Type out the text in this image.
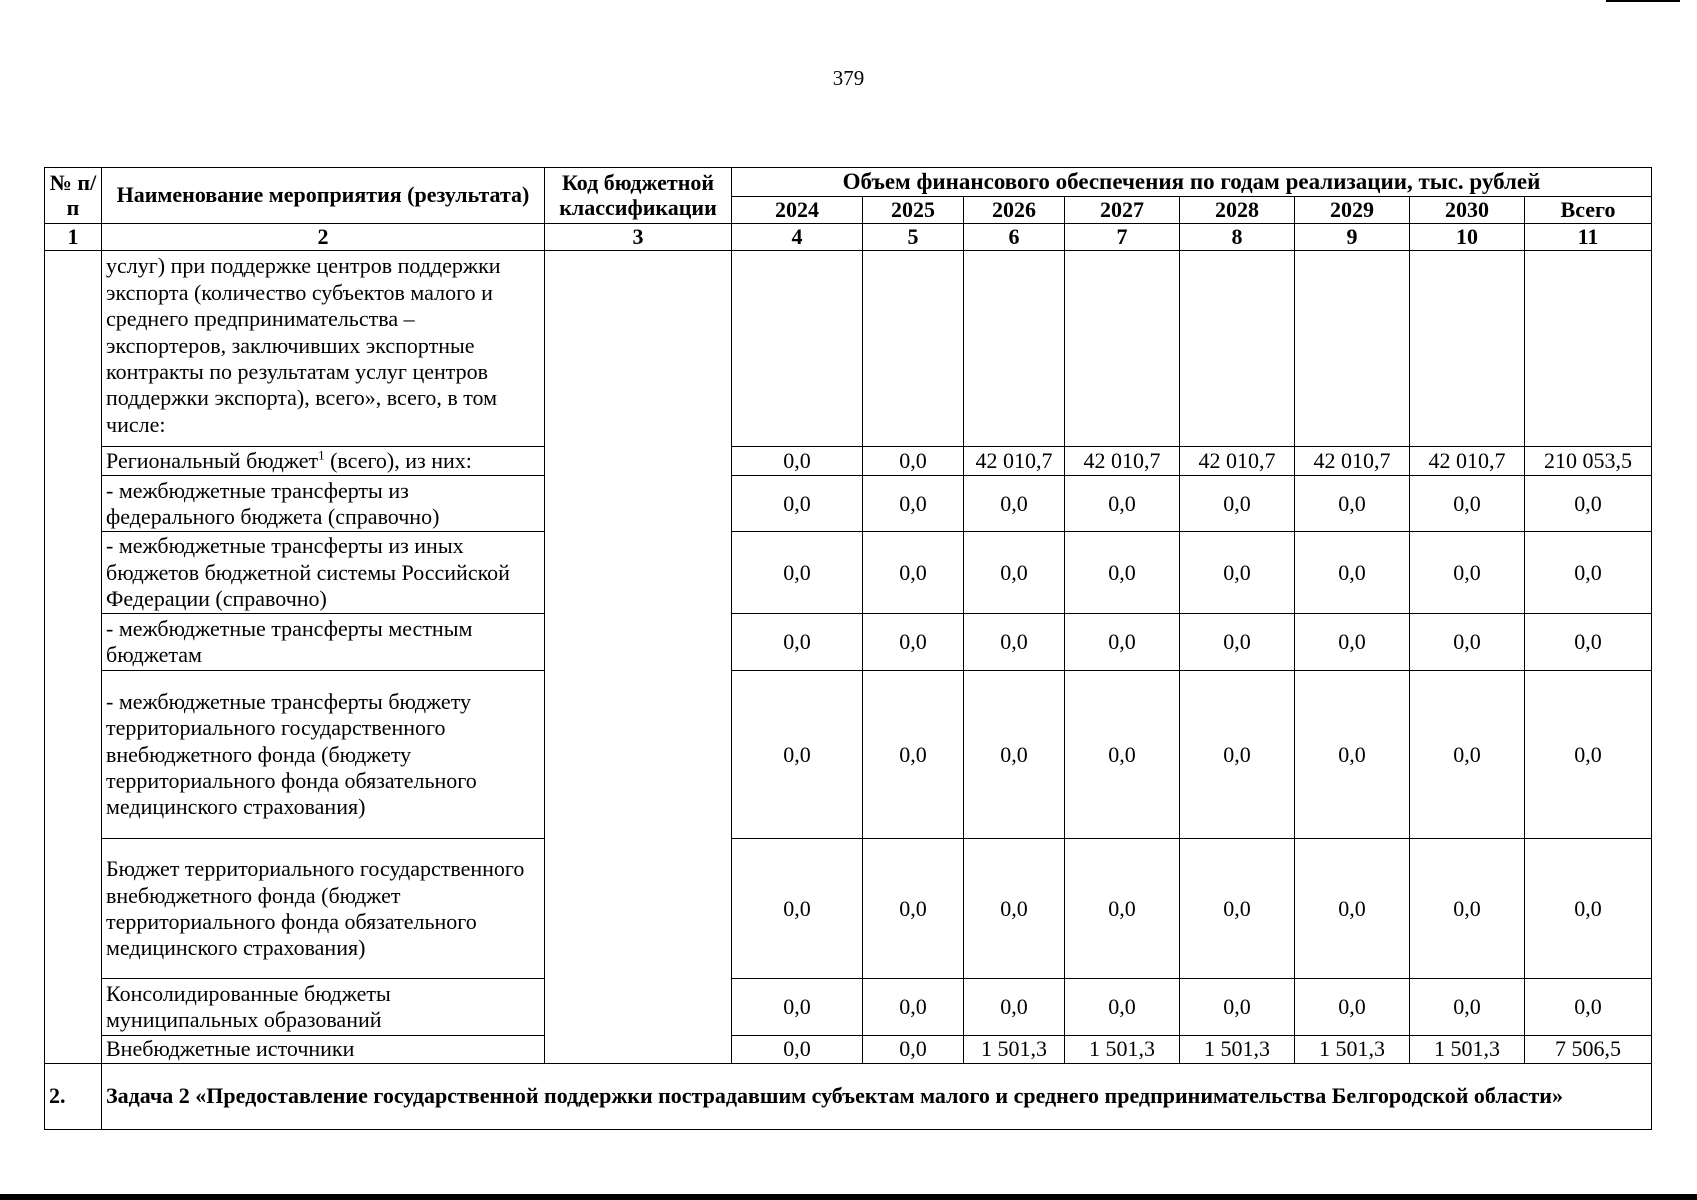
379
№ п/п	Наименование мероприятия (результата)	Код бюджетной классификации	Объем финансового обеспечения по годам реализации, тыс. рублей							
			2024	2025	2026	2027	2028	2029	2030	Всего
1	2	3	4	5	6	7	8	9	10	11
	услуг) при поддержке центров поддержки экспорта (количество субъектов малого и среднего предпринимательства – экспортеров, заключивших экспортные контракты по результатам услуг центров поддержки экспорта), всего», всего, в том числе:									
	Региональный бюджет$^1$ (всего), из них:		0,0	0,0	42 010,7	42 010,7	42 010,7	42 010,7	42 010,7	210 053,5
	- межбюджетные трансферты из федерального бюджета (справочно)		0,0	0,0	0,0	0,0	0,0	0,0	0,0	0,0
	- межбюджетные трансферты из иных бюджетов бюджетной системы Российской Федерации (справочно)		0,0	0,0	0,0	0,0	0,0	0,0	0,0	0,0
	- межбюджетные трансферты местным бюджетам		0,0	0,0	0,0	0,0	0,0	0,0	0,0	0,0
	- межбюджетные трансферты бюджету территориального государственного внебюджетного фонда (бюджету территориального фонда обязательного медицинского страхования)		0,0	0,0	0,0	0,0	0,0	0,0	0,0	0,0
	Бюджет территориального государственного внебюджетного фонда (бюджет территориального фонда обязательного медицинского страхования)		0,0	0,0	0,0	0,0	0,0	0,0	0,0	0,0
	Консолидированные бюджеты муниципальных образований		0,0	0,0	0,0	0,0	0,0	0,0	0,0	0,0
	Внебюджетные источники		0,0	0,0	1 501,3	1 501,3	1 501,3	1 501,3	1 501,3	7 506,5
2.	Задача 2 «Предоставление государственной поддержки пострадавшим субъектам малого и среднего предпринимательства Белгородской области»									
